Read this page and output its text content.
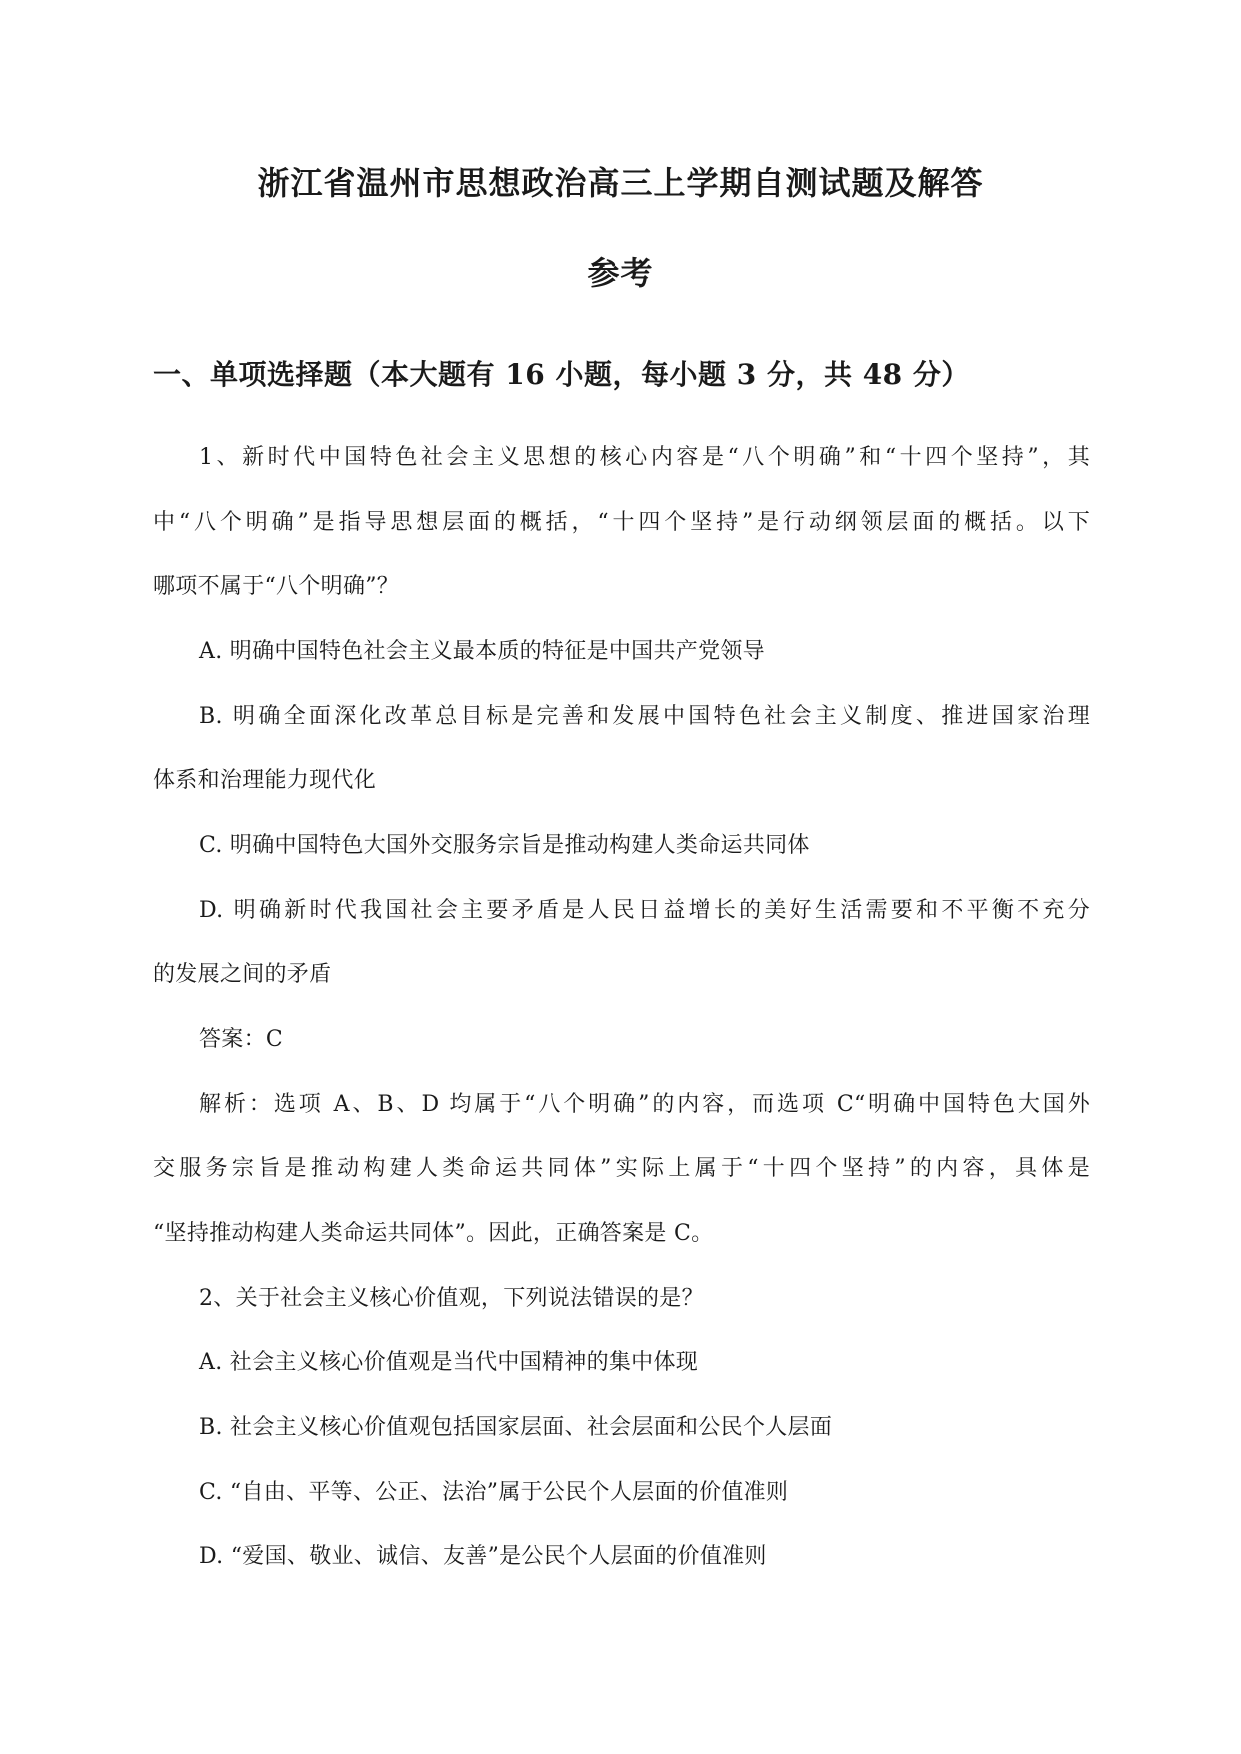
浙江省温州市思想政治高三上学期自测试题及解答
参考
一、单项选择题（本大题有 16 小题，每小题 3 分，共 48 分）
1、新时代中国特色社会主义思想的核心内容是“八个明确”和“十四个坚持”，其
中“八个明确”是指导思想层面的概括，“十四个坚持”是行动纲领层面的概括。以下
哪项不属于“八个明确”？
A. 明确中国特色社会主义最本质的特征是中国共产党领导
B. 明确全面深化改革总目标是完善和发展中国特色社会主义制度、推进国家治理
体系和治理能力现代化
C. 明确中国特色大国外交服务宗旨是推动构建人类命运共同体
D. 明确新时代我国社会主要矛盾是人民日益增长的美好生活需要和不平衡不充分
的发展之间的矛盾
答案：C
解析：选项 A、B、D 均属于“八个明确”的内容，而选项 C“明确中国特色大国外
交服务宗旨是推动构建人类命运共同体”实际上属于“十四个坚持”的内容，具体是
“坚持推动构建人类命运共同体”。因此，正确答案是 C。
2、关于社会主义核心价值观，下列说法错误的是？
A. 社会主义核心价值观是当代中国精神的集中体现
B. 社会主义核心价值观包括国家层面、社会层面和公民个人层面
C. “自由、平等、公正、法治”属于公民个人层面的价值准则
D. “爱国、敬业、诚信、友善”是公民个人层面的价值准则
